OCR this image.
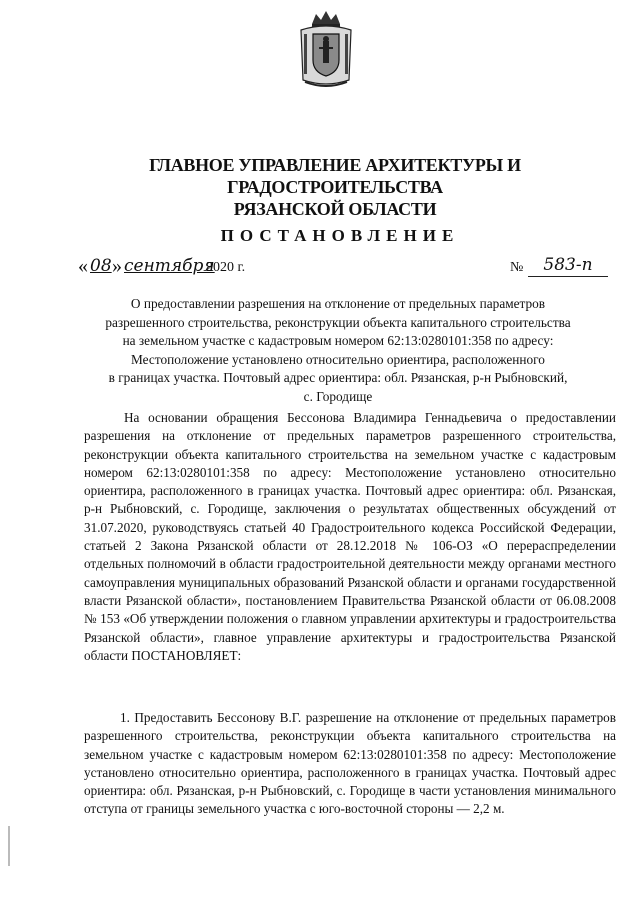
ГЛАВНОЕ УПРАВЛЕНИЕ АРХИТЕКТУРЫ И ГРАДОСТРОИТЕЛЬСТВА
РЯЗАНСКОЙ ОБЛАСТИ
ПОСТАНОВЛЕНИЕ
« 08 » сентября
2020 г.	№	583-п
О предоставлении разрешения на отклонение от предельных параметров
разрешенного строительства, реконструкции объекта капитального строительства
на земельном участке с кадастровым номером 62:13:0280101:358 по адресу:
Местоположение установлено относительно ориентира, расположенного
в границах участка. Почтовый адрес ориентира: обл. Рязанская, р-н Рыбновский,
с. Городище

На основании обращения Бессонова Владимира Геннадьевича о предоставлении разрешения на отклонение от предельных параметров разрешенного строительства, реконструкции объекта капитального строительства на земельном участке с кадастровым номером 62:13:0280101:358 по адресу: Местоположение установлено относительно ориентира, расположенного в границах участка. Почтовый адрес ориентира: обл. Рязанская, р-н Рыбновский, с. Городище, заключения о результатах общественных обсуждений от 31.07.2020, руководствуясь статьей 40 Градостроительного кодекса Российской Федерации, статьей 2 Закона Рязанской области от 28.12.2018 № 106-ОЗ «О перераспределении отдельных полномочий в области градостроительной деятельности между органами местного самоуправления муниципальных образований Рязанской области и органами государственной власти Рязанской области», постановлением Правительства Рязанской области от 06.08.2008 № 153 «Об утверждении положения о главном управлении архитектуры и градостроительства Рязанской области», главное управление архитектуры и градостроительства Рязанской области ПОСТАНОВЛЯЕТ:

1. Предоставить Бессонову В.Г. разрешение на отклонение от предельных параметров разрешенного строительства, реконструкции объекта капитального строительства на земельном участке с кадастровым номером 62:13:0280101:358 по адресу: Местоположение установлено относительно ориентира, расположенного в границах участка. Почтовый адрес ориентира: обл. Рязанская, р-н Рыбновский, с. Городище в части установления минимального отступа от границы земельного участка с юго-восточной стороны — 2,2 м.
